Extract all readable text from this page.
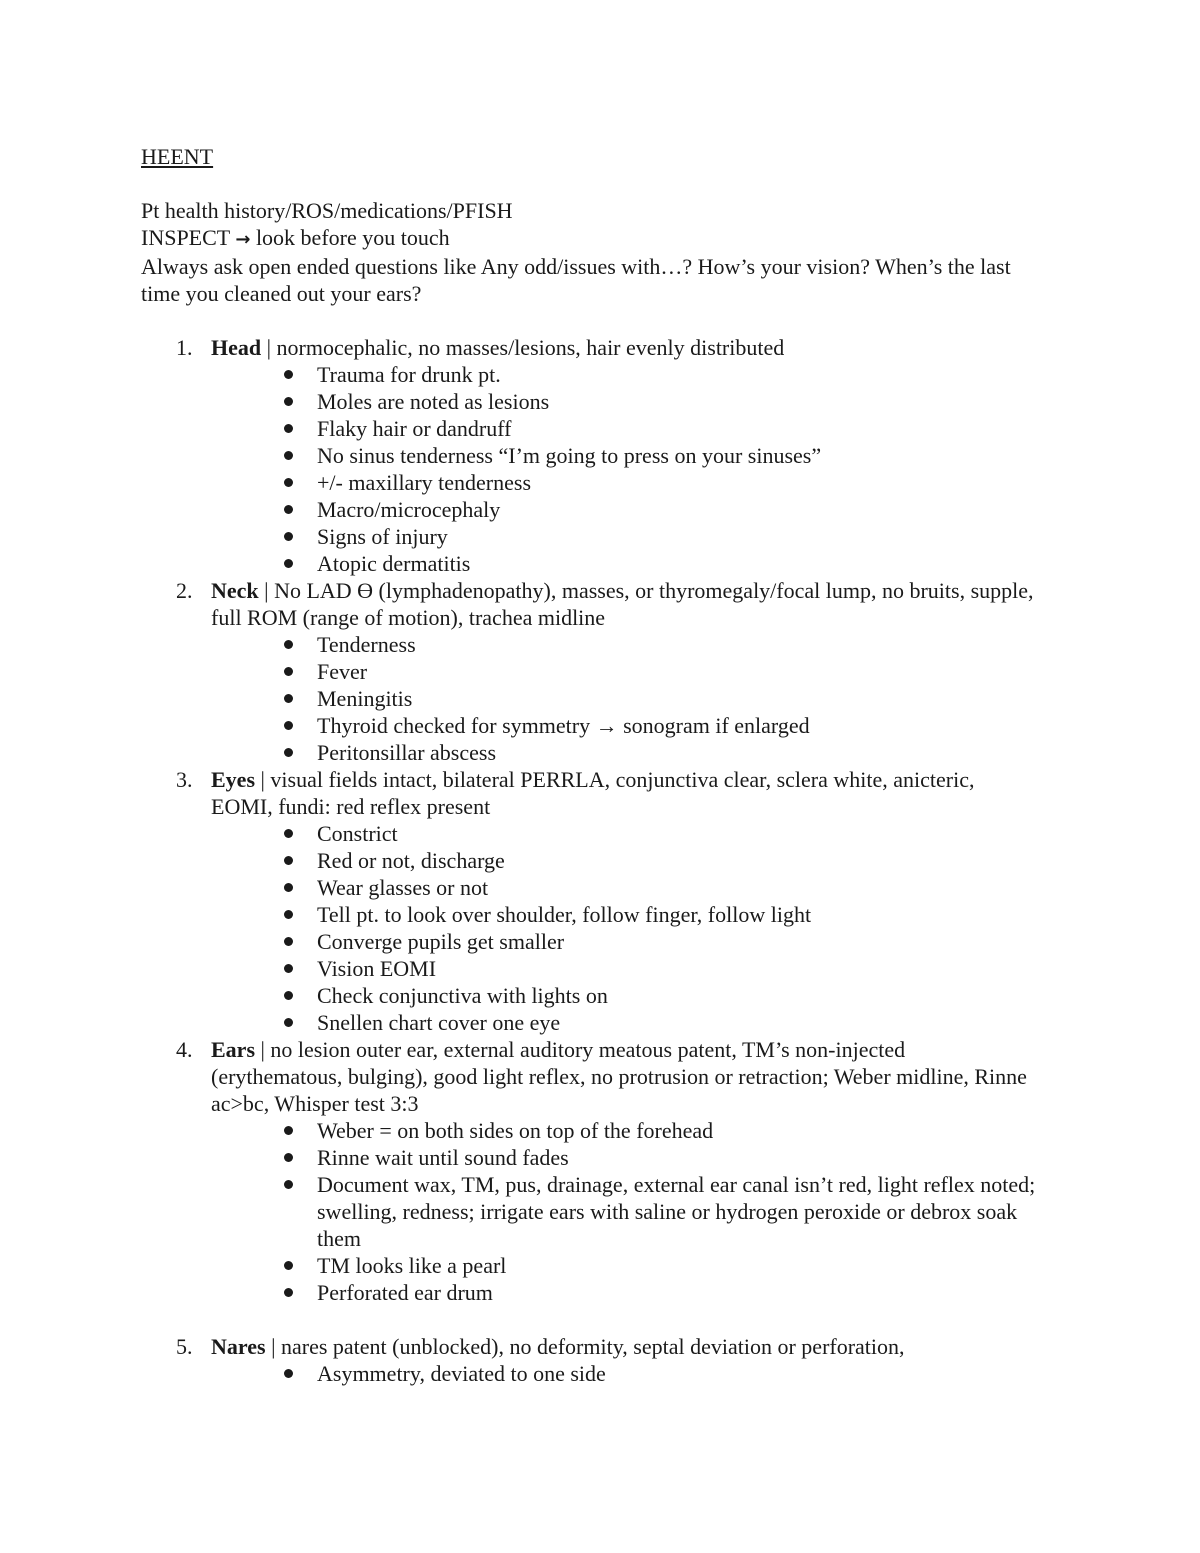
HEENT

Pt health history/ROS/medications/PFISH

INSPECT → look before you touch

Always ask open ended questions like Any odd/issues with…? How’s your vision? When’s the last time you cleaned out your ears?

1. Head | normocephalic, no masses/lesions, hair evenly distributed
Trauma for drunk pt.
Moles are noted as lesions
Flaky hair or dandruff
No sinus tenderness “I’m going to press on your sinuses”
+/- maxillary tenderness
Macro/microcephaly
Signs of injury
Atopic dermatitis
2. Neck | No LAD ϴ (lymphadenopathy), masses, or thyromegaly/focal lump, no bruits, supple, full ROM (range of motion), trachea midline
Tenderness
Fever
Meningitis
Thyroid checked for symmetry → sonogram if enlarged
Peritonsillar abscess
3. Eyes | visual fields intact, bilateral PERRLA, conjunctiva clear, sclera white, anicteric, EOMI, fundi: red reflex present
Constrict
Red or not, discharge
Wear glasses or not
Tell pt. to look over shoulder, follow finger, follow light
Converge pupils get smaller
Vision EOMI
Check conjunctiva with lights on
Snellen chart cover one eye
4. Ears | no lesion outer ear, external auditory meatous patent, TM’s non-injected (erythematous, bulging), good light reflex, no protrusion or retraction; Weber midline, Rinne ac>bc, Whisper test 3:3
Weber = on both sides on top of the forehead
Rinne wait until sound fades
Document wax, TM, pus, drainage, external ear canal isn’t red, light reflex noted; swelling, redness; irrigate ears with saline or hydrogen peroxide or debrox soak them
TM looks like a pearl
Perforated ear drum
5. Nares | nares patent (unblocked), no deformity, septal deviation or perforation,
Asymmetry, deviated to one side
